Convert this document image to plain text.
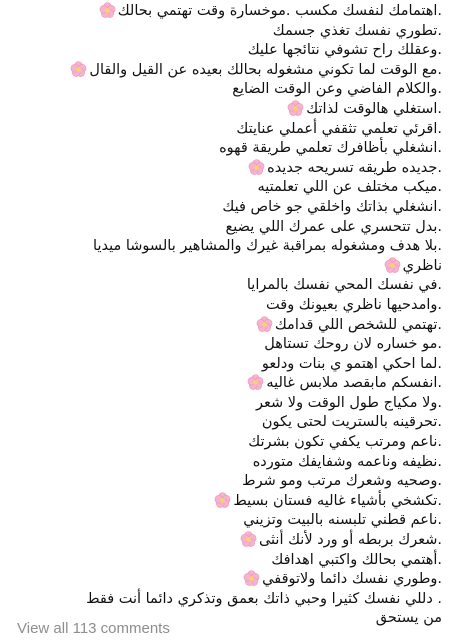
.اهتمامك لنفسك مكسب .موخسارة وقت تهتمي بحالك
.تطوري نفسك تغذي جسمك
.وعقلك راح تشوفي نتائجها عليك
.مع الوقت لما تكوني مشغوله بحالك بعيده عن القيل والقال
.والكلام الفاضي وعن الوقت الضايع
.استغلي هالوقت لذاتك
.اقرئي تعلمي تثقفي أعملي عنايتك
.انشغلي بأظافرك تعلمي طريقة قهوه
.جديده طريقه تسريحه جديده
.ميكب مختلف عن اللي تعلمتيه
.انشغلي بذاتك واخلقي جو خاص فيك
.بدل تتحسري على عمرك اللي يضيع
.بلا هدف ومشغوله بمراقبة غيرك والمشاهير بالسوشا ميديا
ناظري
.في نفسك المحي نفسك بالمرايا
.وامدحيها ناظري بعيونك وقت
.تهتمي للشخص اللي قدامك
.مو خساره لان روحك تستاهل
.لما احكي اهتمو ي بنات ودلعو
.انفسكم مابقصد ملابس غاليه
.ولا مكياج طول الوقت ولا شعر
.تحرقينه بالستريت لحتى يكون
.ناعم ومرتب يكفي تكون بشرتك
.نظيفه وناعمه وشفايفك متورده
.وصحيه وشعرك مرتب ومو شرط
.تكشخي بأشياء غاليه فستان بسيط
.ناعم قطني تلبسنه بالبيت وتزيني
.شعرك بربطه أو ورد لأنك أنثى
.أهتمي بحالك واكتبي اهدافك
.وطوري نفسك دائما ولاتوقفي
. دللي نفسك كثيرا وحبي ذاتك بعمق وتذكري دائما أنت فقط
من يستحق
View all 113 comments
